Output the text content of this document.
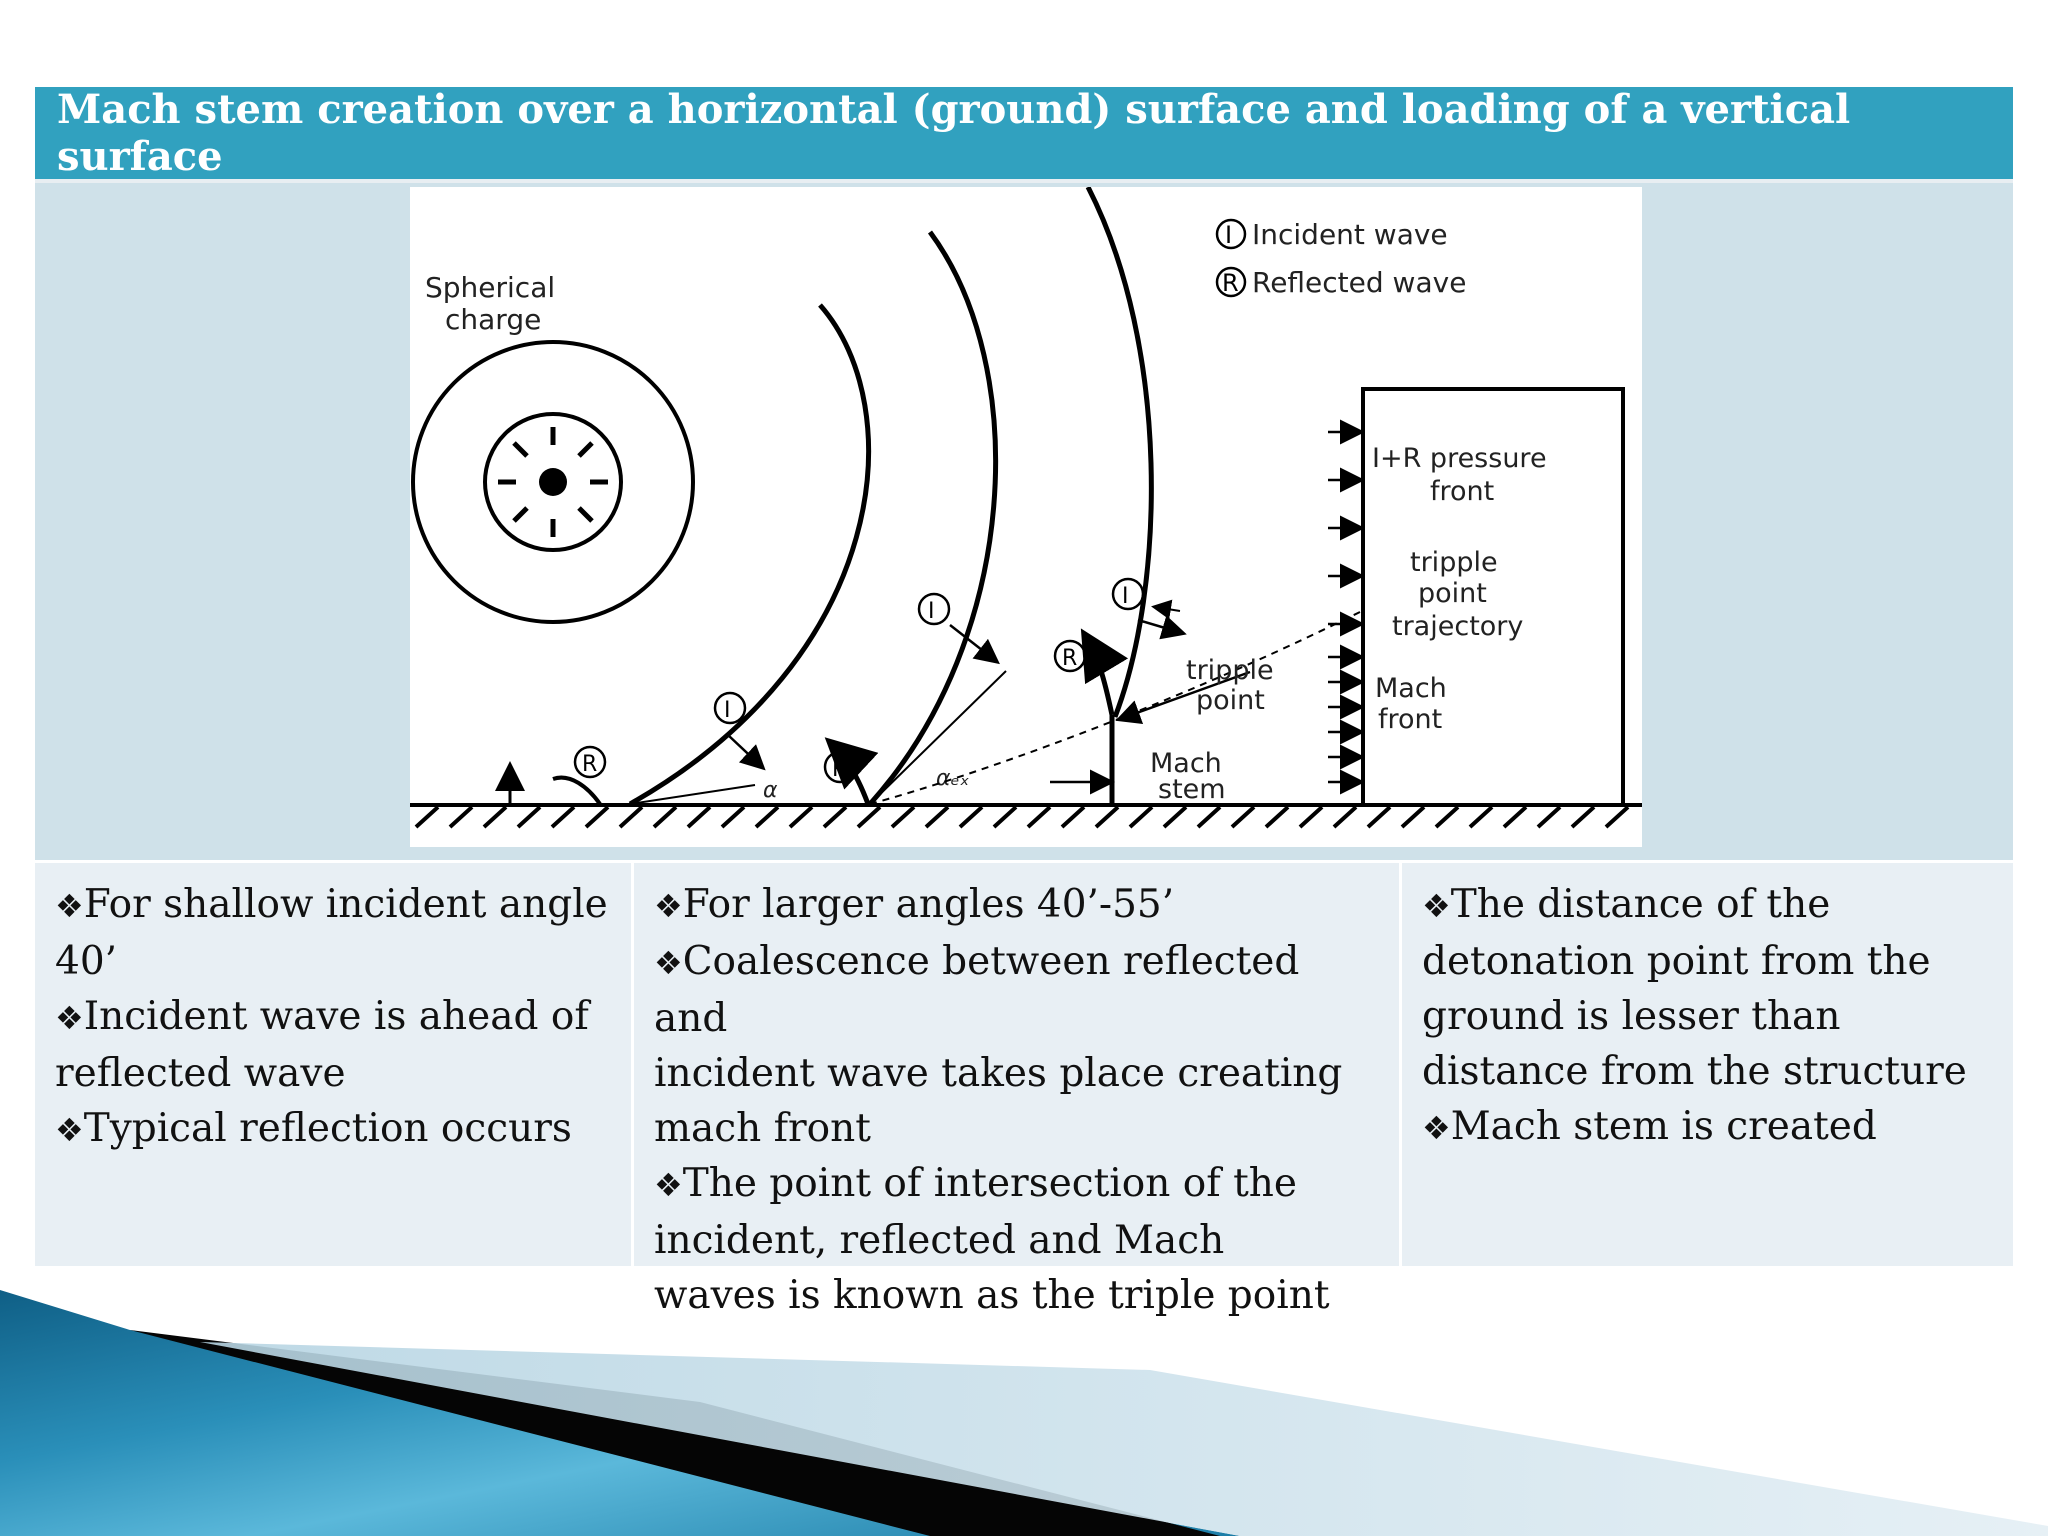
Mach stem creation over a horizontal (ground) surface and loading of a vertical surface
Spherical
charge
α	αₑₓ
I+R pressure
front
tripple
point
trajectory
Mach
front
tripple
point
Mach
stem
I Incident wave
R Reflected wave
I
I
I
R	R
R
❖For shallow incident angle
40’
❖Incident wave is ahead of
reflected wave
❖Typical reflection occurs
❖For larger angles 40’-55’
❖Coalescence between reflected and
incident wave takes place creating
mach front
❖The point of intersection of the
incident, reflected and Mach
waves is known as the triple point
❖The distance of the
detonation point from the
ground is lesser than
distance from the structure
❖Mach stem is created
